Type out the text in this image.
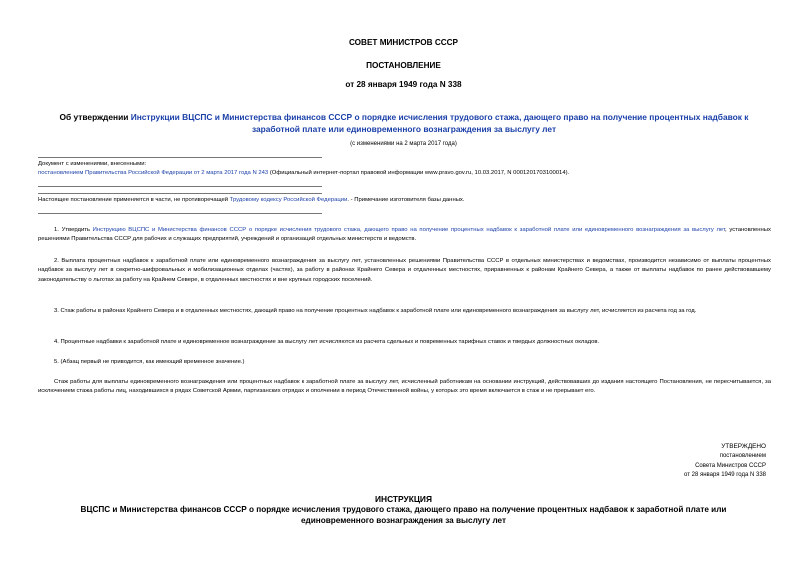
СОВЕТ МИНИСТРОВ СССР
ПОСТАНОВЛЕНИЕ
от 28 января 1949 года N 338
Об утверждении Инструкции ВЦСПС и Министерства финансов СССР о порядке исчисления трудового стажа, дающего право на получение процентных надбавок к заработной плате или единовременного вознаграждения за выслугу лет
(с изменениями на 2 марта 2017 года)
Документ с изменениями, внесенными:
постановлением Правительства Российской Федерации от 2 марта 2017 года N 243 (Официальный интернет-портал правовой информации www.pravo.gov.ru, 10.03.2017, N 0001201703100014).
Настоящее постановление применяется в части, не противоречащей Трудовому кодексу Российской Федерации. - Примечание изготовителя базы данных.
1. Утвердить Инструкцию ВЦСПС и Министерства финансов СССР о порядке исчисления трудового стажа, дающего право на получение процентных надбавок к заработной плате или единовременного вознаграждения за выслугу лет, установленных решениями Правительства СССР для рабочих и служащих предприятий, учреждений и организаций отдельных министерств и ведомств.
2. Выплата процентных надбавок к заработной плате или единовременного вознаграждения за выслугу лет, установленных решениями Правительства СССР в отдельных министерствах и ведомствах, производится независимо от выплаты процентных надбавок за выслугу лет в секретно-шифровальных и мобилизационных отделах (частях), за работу в районах Крайнего Севера и отдаленных местностях, приравненных к районам Крайнего Севера, а также от выплаты надбавок по ранее действовавшему законодательству о льготах за работу на Крайнем Севере, в отдаленных местностях и вне крупных городских поселений.
3. Стаж работы в районах Крайнего Севера и в отдаленных местностях, дающий право на получение процентных надбавок к заработной плате или единовременного вознаграждения за выслугу лет, исчисляется из расчета год за год.
4. Процентные надбавки к заработной плате и единовременное вознаграждение за выслугу лет исчисляются из расчета сдельных и повременных тарифных ставок и твердых должностных окладов.
5. (Абзац первый не приводится, как имеющий временное значение.)
Стаж работы для выплаты единовременного вознаграждения или процентных надбавок к заработной плате за выслугу лет, исчисленный работникам на основании инструкций, действовавших до издания настоящего Постановления, не пересчитывается, за исключением стажа работы лиц, находившихся в рядах Советской Армии, партизанских отрядах и ополчении в период Отечественной войны, у которых это время включается в стаж и не прерывает его.
УТВЕРЖДЕНО
постановлением
Совета Министров СССР
от 28 января 1949 года N 338
ИНСТРУКЦИЯ
ВЦСПС и Министерства финансов СССР о порядке исчисления трудового стажа, дающего право на получение процентных надбавок к заработной плате или единовременного вознаграждения за выслугу лет
